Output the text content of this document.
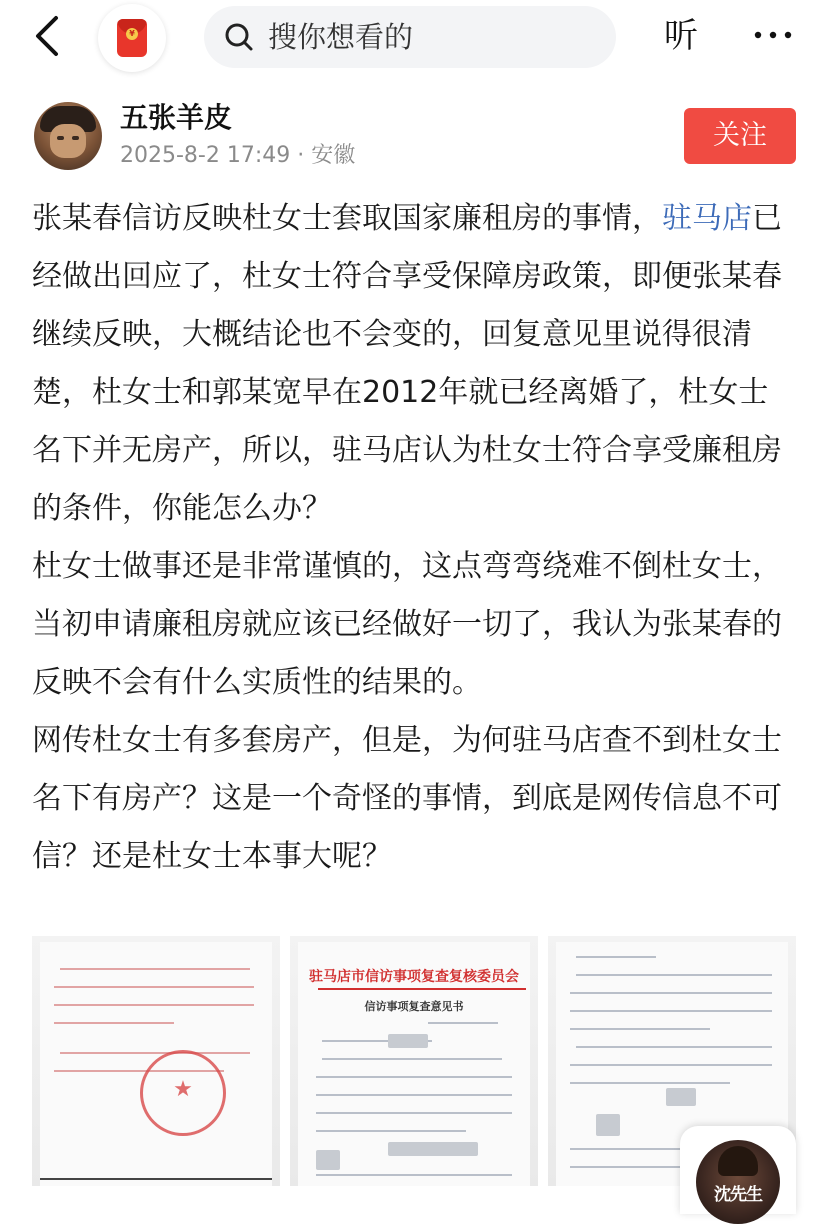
¥	搜你想看的	听
五张羊皮
2025-8-2 17:49 · 安徽
关注

张某春信访反映杜女士套取国家廉租房的事情，驻马店已经做出回应了，杜女士符合享受保障房政策，即便张某春继续反映，大概结论也不会变的，回复意见里说得很清楚，杜女士和郭某宽早在2012年就已经离婚了，杜女士名下并无房产，所以，驻马店认为杜女士符合享受廉租房的条件，你能怎么办？

杜女士做事还是非常谨慎的，这点弯弯绕难不倒杜女士，当初申请廉租房就应该已经做好一切了，我认为张某春的反映不会有什么实质性的结果的。

网传杜女士有多套房产，但是，为何驻马店查不到杜女士名下有房产？这是一个奇怪的事情，到底是网传信息不可信？还是杜女士本事大呢？

★
驻马店市信访事项复查复核委员会
信访事项复查意见书
沈先生
